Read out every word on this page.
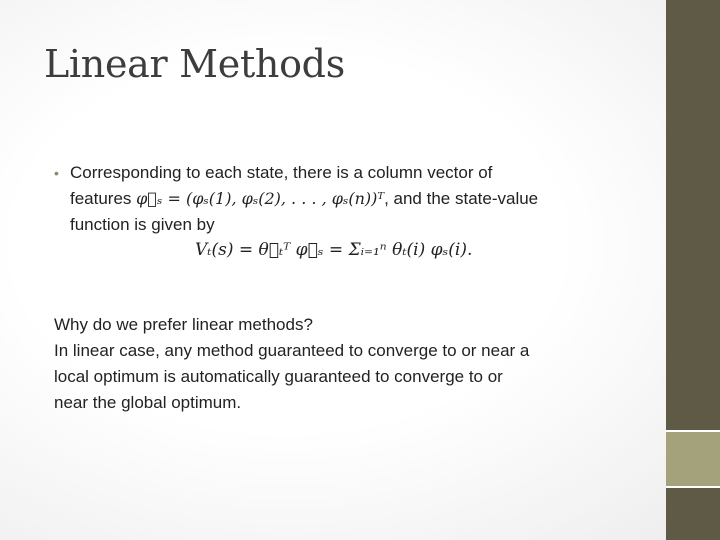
Linear Methods
• Corresponding to each state, there is a column vector of
features φ⃗ₛ = (φₛ(1), φₛ(2), . . . , φₛ(n))ᵀ, and the state-value
function is given by
Vₜ(s) = θ⃗ₜᵀ φ⃗ₛ = Σᵢ₌₁ⁿ θₜ(i) φₛ(i).
Why do we prefer linear methods?
In linear case, any method guaranteed to converge to or near a
local optimum is automatically guaranteed to converge to or
near the global optimum.
